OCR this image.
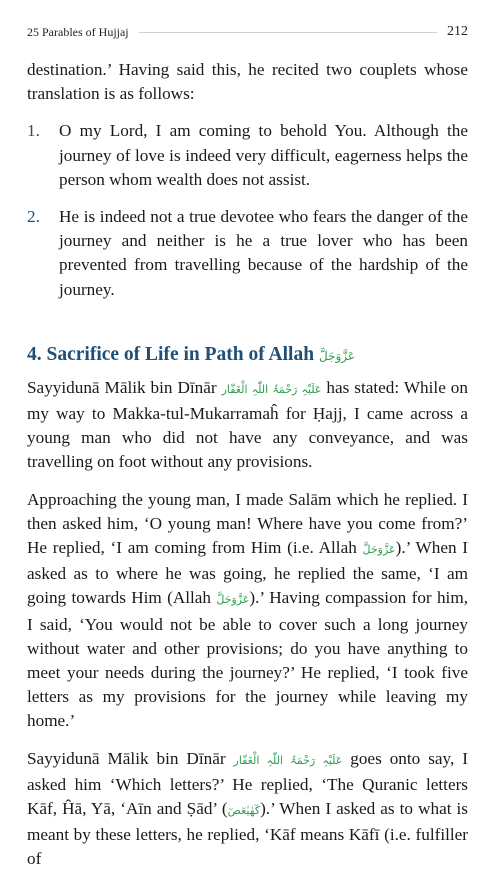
25 Parables of Hujjaj	212

destination.’ Having said this, he recited two couplets whose translation is as follows:

1.	O my Lord, I am coming to behold You. Although the journey of love is indeed very difficult, eagerness helps the person whom wealth does not assist.
2.	He is indeed not a true devotee who fears the danger of the journey and neither is he a true lover who has been prevented from travelling because of the hardship of the journey.
4. Sacrifice of Life in Path of Allah عَزَّوَجَلَّ

Sayyidunā Mālik bin Dīnār عَلَیْہِ رَحْمَۃُ اللّٰہِ الْغَفّار has stated: While on my way to Makka-tul-Mukarramaĥ for Ḥajj, I came across a young man who did not have any conveyance, and was travelling on foot without any provisions.

Approaching the young man, I made Salām which he replied. I then asked him, ‘O young man! Where have you come from?’ He replied, ‘I am coming from Him (i.e. Allah عَزَّوَجَلَّ).’ When I asked as to where he was going, he replied the same, ‘I am going towards Him (Allah عَزَّوَجَلَّ).’ Having compassion for him, I said, ‘You would not be able to cover such a long journey without water and other provisions; do you have anything to meet your needs during the journey?’ He replied, ‘I took five letters as my provisions for the journey while leaving my home.’

Sayyidunā Mālik bin Dīnār عَلَیْہِ رَحْمَۃُ اللّٰہِ الْغَفّار goes onto say, I asked him ‘Which letters?’ He replied, ‘The Quranic letters Kāf, Ĥā, Yā, ‘Aīn and Ṣād’ (كٓهٰيٰعٓصٓ).’ When I asked as to what is meant by these letters, he replied, ‘Kāf means Kāfī (i.e. fulfiller of
